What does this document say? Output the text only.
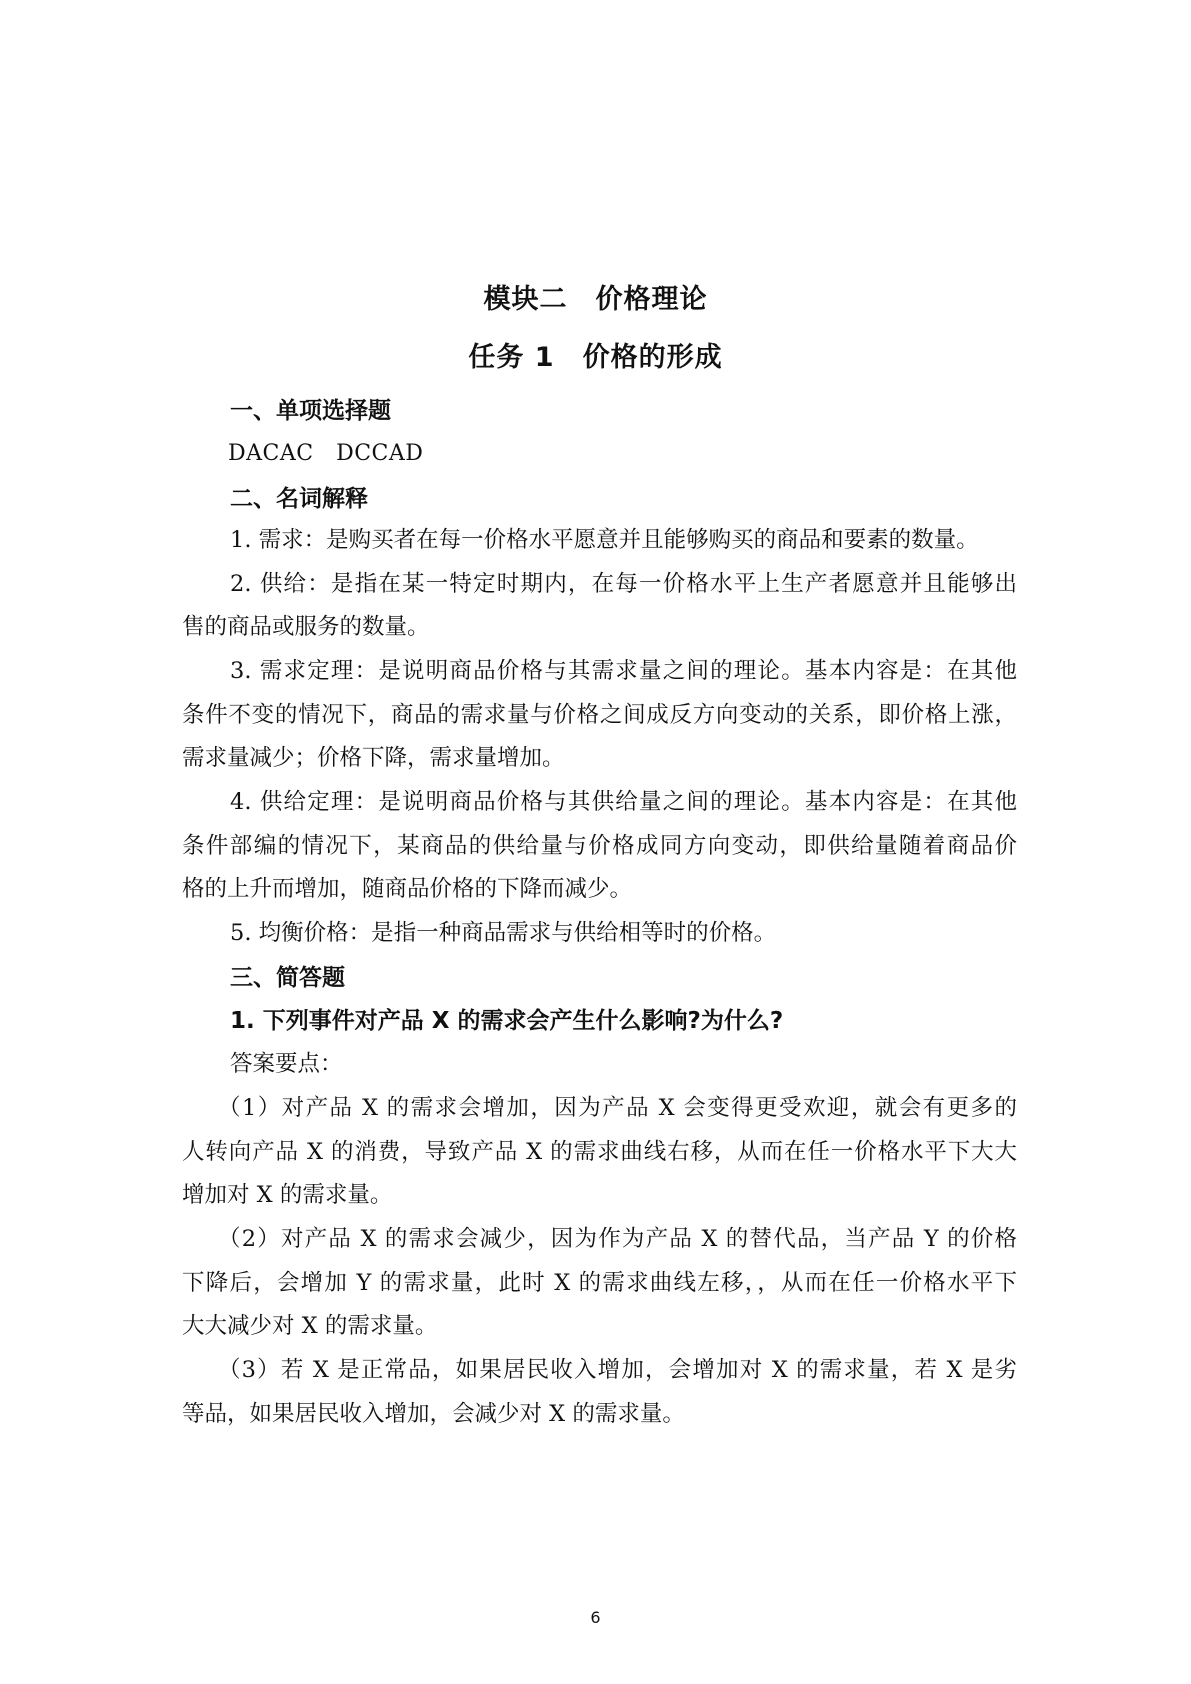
模块二　价格理论
任务 1　价格的形成
一、单项选择题
DACAC　DCCAD
二、名词解释
1. 需求：是购买者在每一价格水平愿意并且能够购买的商品和要素的数量。
2. 供给：是指在某一特定时期内，在每一价格水平上生产者愿意并且能够出
售的商品或服务的数量。
3. 需求定理：是说明商品价格与其需求量之间的理论。基本内容是：在其他
条件不变的情况下，商品的需求量与价格之间成反方向变动的关系，即价格上涨，
需求量减少；价格下降，需求量增加。
4. 供给定理：是说明商品价格与其供给量之间的理论。基本内容是：在其他
条件部编的情况下，某商品的供给量与价格成同方向变动，即供给量随着商品价
格的上升而增加，随商品价格的下降而减少。
5. 均衡价格：是指一种商品需求与供给相等时的价格。
三、简答题
1. 下列事件对产品 X 的需求会产生什么影响?为什么?
答案要点：
（1）对产品 X 的需求会增加，因为产品 X 会变得更受欢迎，就会有更多的
人转向产品 X 的消费，导致产品 X 的需求曲线右移，从而在任一价格水平下大大
增加对 X 的需求量。
（2）对产品 X 的需求会减少，因为作为产品 X 的替代品，当产品 Y 的价格
下降后，会增加 Y 的需求量，此时 X 的需求曲线左移，，从而在任一价格水平下
大大减少对 X 的需求量。
（3）若 X 是正常品，如果居民收入增加，会增加对 X 的需求量，若 X 是劣
等品，如果居民收入增加，会减少对 X 的需求量。
6
